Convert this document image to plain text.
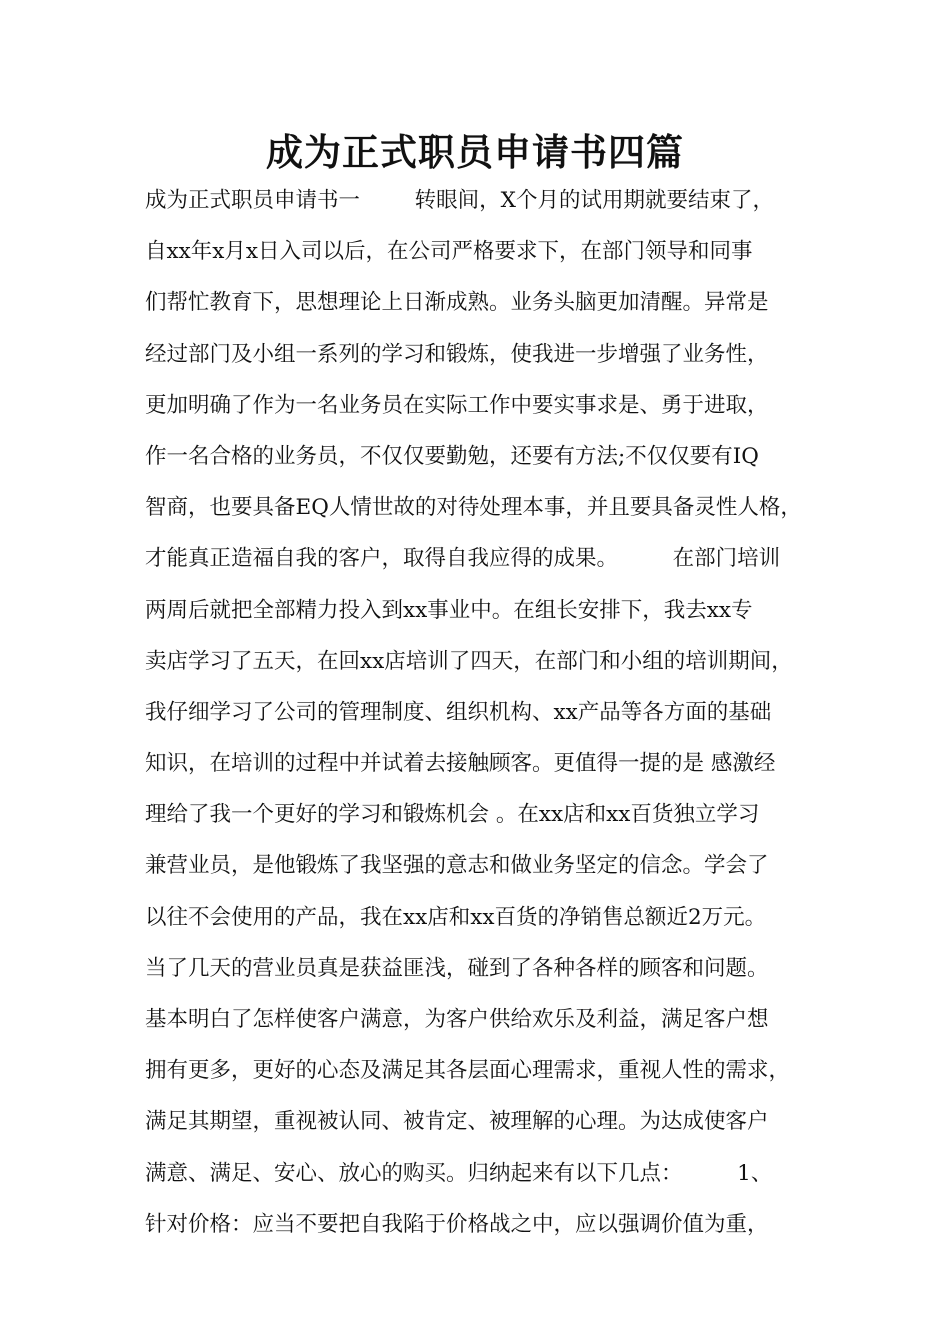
成为正式职员申请书四篇
成为正式职员申请书一        转眼间，X个月的试用期就要结束了，
自xx年x月x日入司以后，在公司严格要求下，在部门领导和同事
们帮忙教育下，思想理论上日渐成熟。业务头脑更加清醒。异常是
经过部门及小组一系列的学习和锻炼，使我进一步增强了业务性，
更加明确了作为一名业务员在实际工作中要实事求是、勇于进取，
作一名合格的业务员，不仅仅要勤勉，还要有方法;不仅仅要有IQ
智商，也要具备EQ人情世故的对待处理本事，并且要具备灵性人格，
才能真正造福自我的客户，取得自我应得的成果。        在部门培训
两周后就把全部精力投入到xx事业中。在组长安排下，我去xx专
卖店学习了五天，在回xx店培训了四天，在部门和小组的培训期间，
我仔细学习了公司的管理制度、组织机构、xx产品等各方面的基础
知识，在培训的过程中并试着去接触顾客。更值得一提的是 感激经
理给了我一个更好的学习和锻炼机会 。在xx店和xx百货独立学习
兼营业员，是他锻炼了我坚强的意志和做业务坚定的信念。学会了
以往不会使用的产品，我在xx店和xx百货的净销售总额近2万元。
当了几天的营业员真是获益匪浅，碰到了各种各样的顾客和问题。
基本明白了怎样使客户满意，为客户供给欢乐及利益，满足客户想
拥有更多，更好的心态及满足其各层面心理需求，重视人性的需求，
满足其期望，重视被认同、被肯定、被理解的心理。为达成使客户
满意、满足、安心、放心的购买。归纳起来有以下几点：        1、
针对价格：应当不要把自我陷于价格战之中，应以强调价值为重，
